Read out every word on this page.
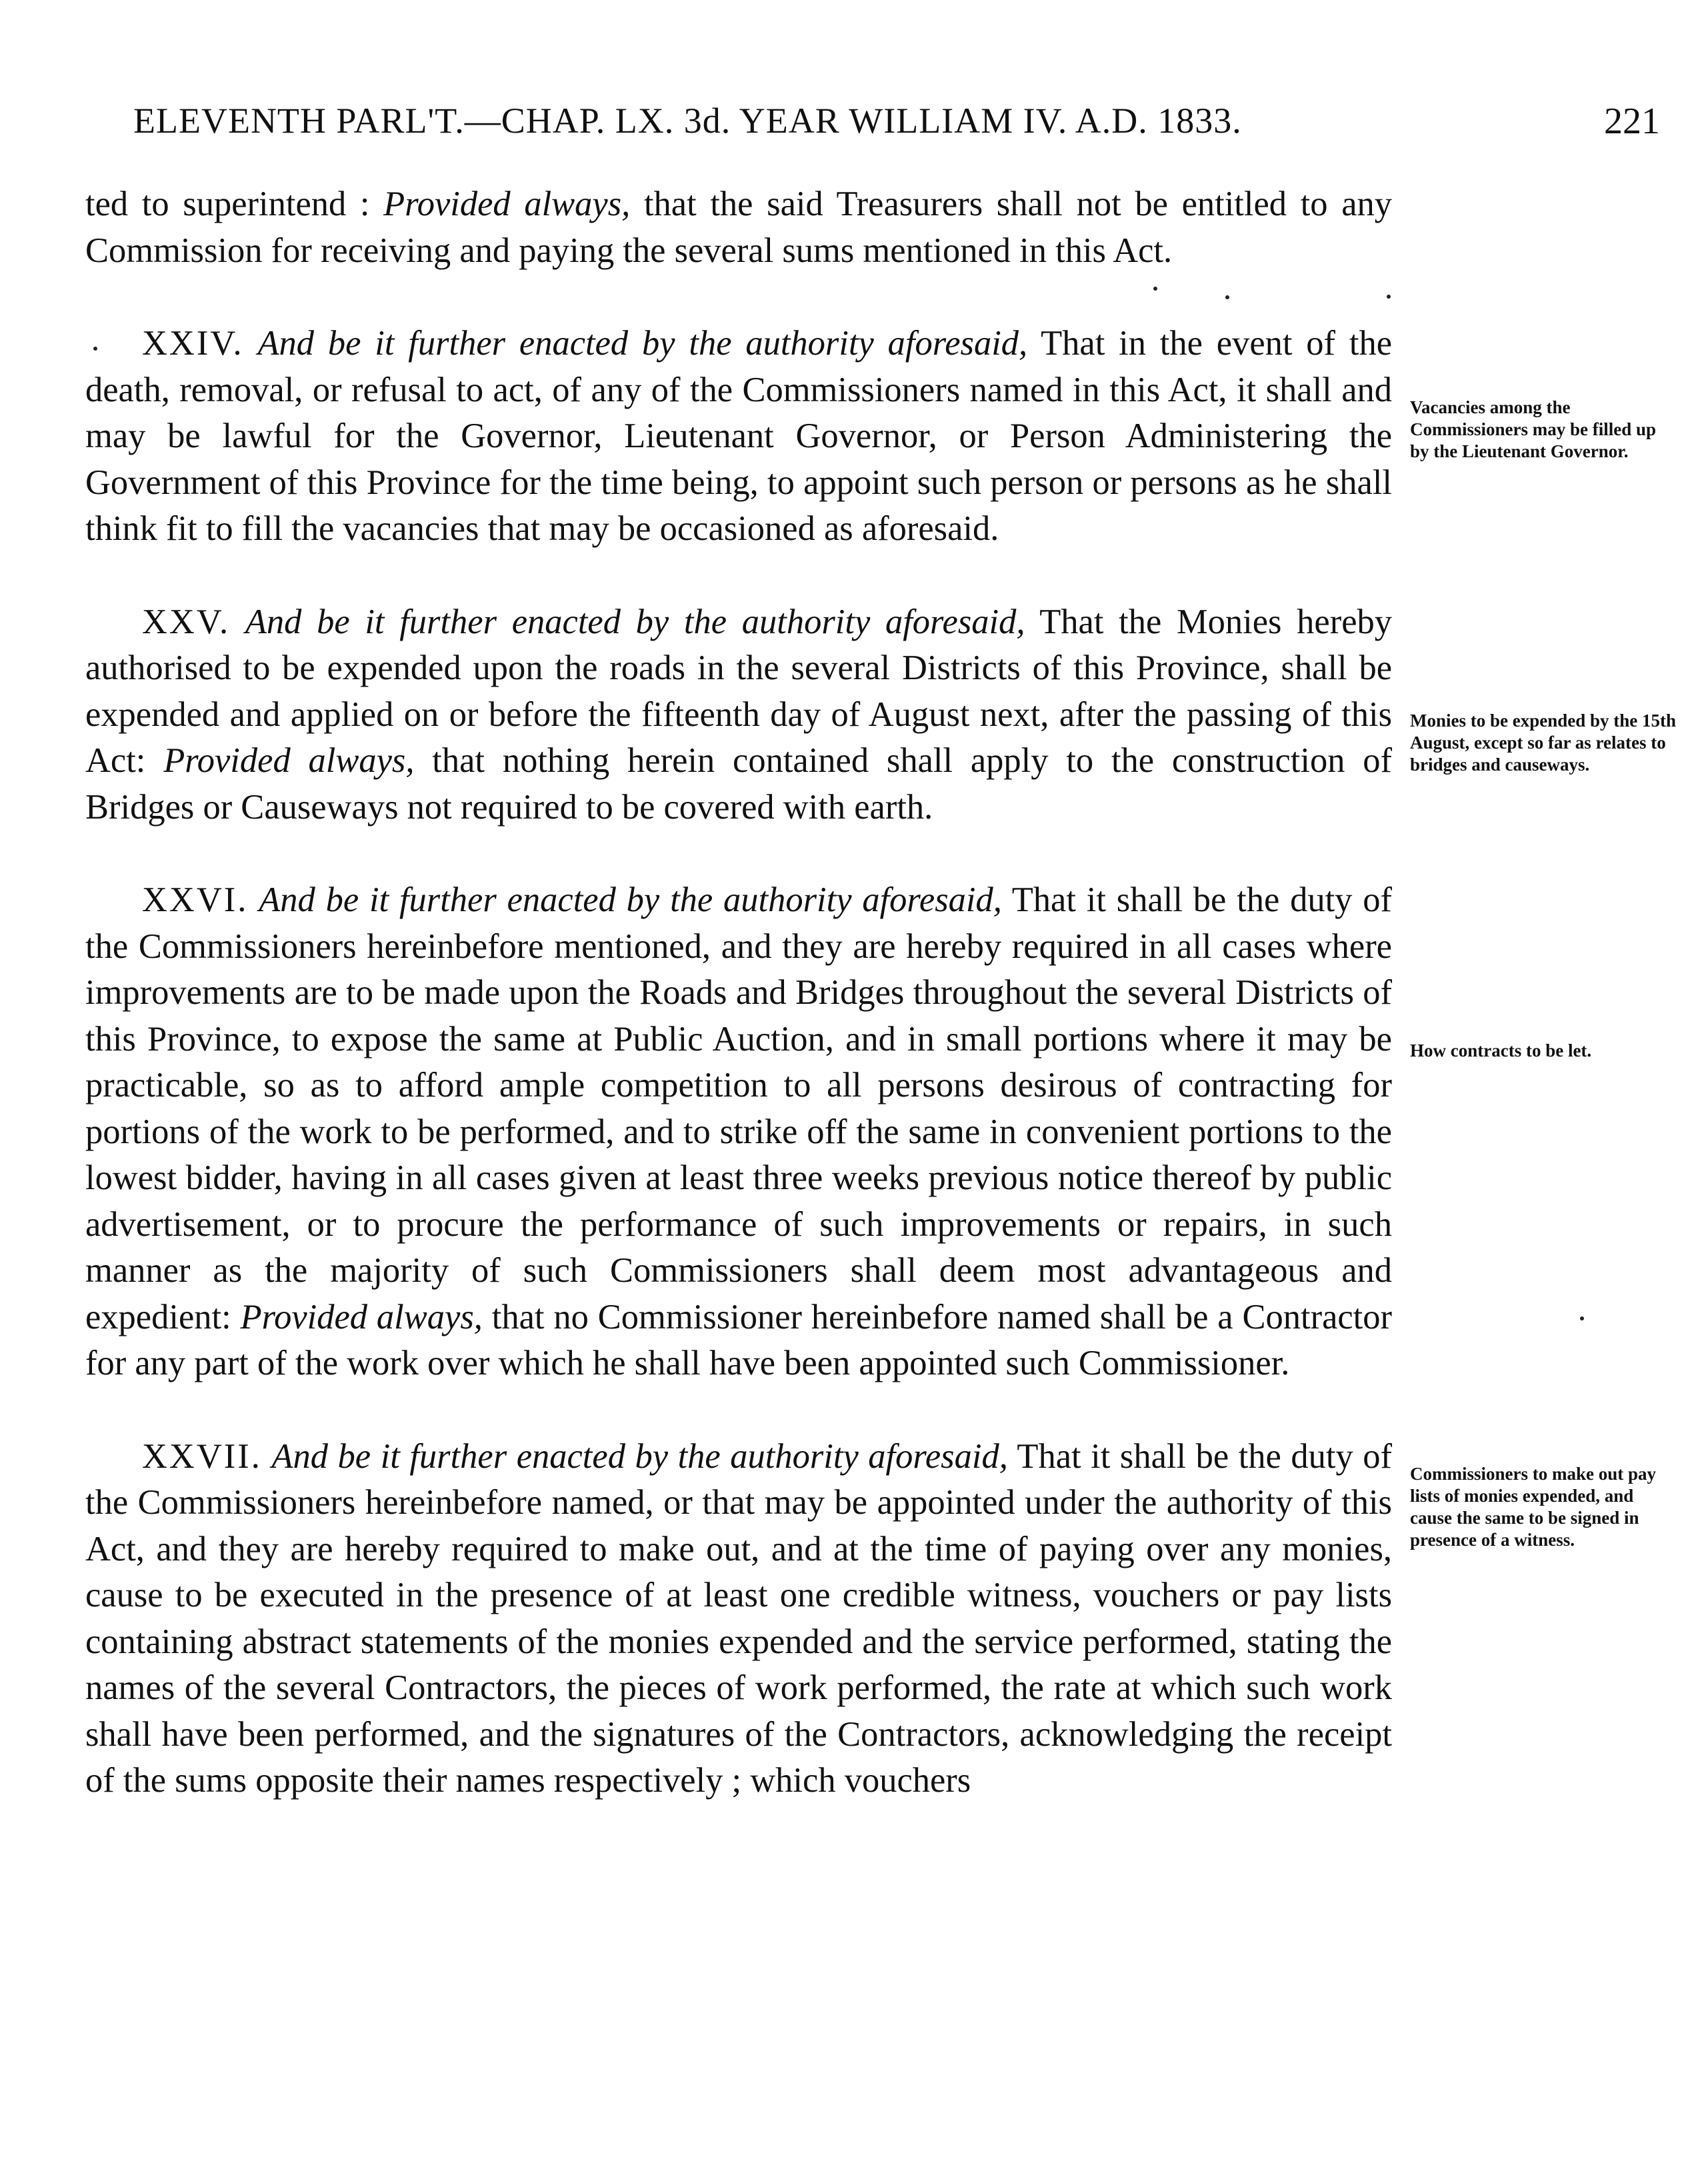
ELEVENTH PARL'T.—CHAP. LX. 3d. YEAR WILLIAM IV. A.D. 1833.	221

ted to superintend : Provided always, that the said Treasurers shall not be entitled to any Commission for receiving and paying the several sums mentioned in this Act.

XXIV. And be it further enacted by the authority aforesaid, That in the event of the death, removal, or refusal to act, of any of the Commissioners named in this Act, it shall and may be lawful for the Governor, Lieutenant Governor, or Person Administering the Government of this Province for the time being, to appoint such person or persons as he shall think fit to fill the vacancies that may be occasioned as aforesaid.

XXV. And be it further enacted by the authority aforesaid, That the Monies hereby authorised to be expended upon the roads in the several Districts of this Province, shall be expended and applied on or before the fifteenth day of August next, after the passing of this Act: Provided always, that nothing herein contained shall apply to the construction of Bridges or Causeways not required to be covered with earth.

XXVI. And be it further enacted by the authority aforesaid, That it shall be the duty of the Commissioners hereinbefore mentioned, and they are hereby required in all cases where improvements are to be made upon the Roads and Bridges throughout the several Districts of this Province, to expose the same at Public Auction, and in small portions where it may be practicable, so as to afford ample competition to all persons desirous of contracting for portions of the work to be performed, and to strike off the same in convenient portions to the lowest bidder, having in all cases given at least three weeks previous notice thereof by public advertisement, or to procure the performance of such improvements or repairs, in such manner as the majority of such Commissioners shall deem most advantageous and expedient: Provided always, that no Commissioner hereinbefore named shall be a Contractor for any part of the work over which he shall have been appointed such Commissioner.

XXVII. And be it further enacted by the authority aforesaid, That it shall be the duty of the Commissioners hereinbefore named, or that may be appointed under the authority of this Act, and they are hereby required to make out, and at the time of paying over any monies, cause to be executed in the presence of at least one credible witness, vouchers or pay lists containing abstract statements of the monies expended and the service performed, stating the names of the several Contractors, the pieces of work performed, the rate at which such work shall have been performed, and the signatures of the Contractors, acknowledging the receipt of the sums opposite their names respectively ; which vouchers

Vacancies among the Commissioners may be filled up by the Lieutenant Governor.
Monies to be expended by the 15th August, except so far as relates to bridges and causeways.
How contracts to be let.
Commissioners to make out pay lists of monies expended, and cause the same to be signed in presence of a witness.
